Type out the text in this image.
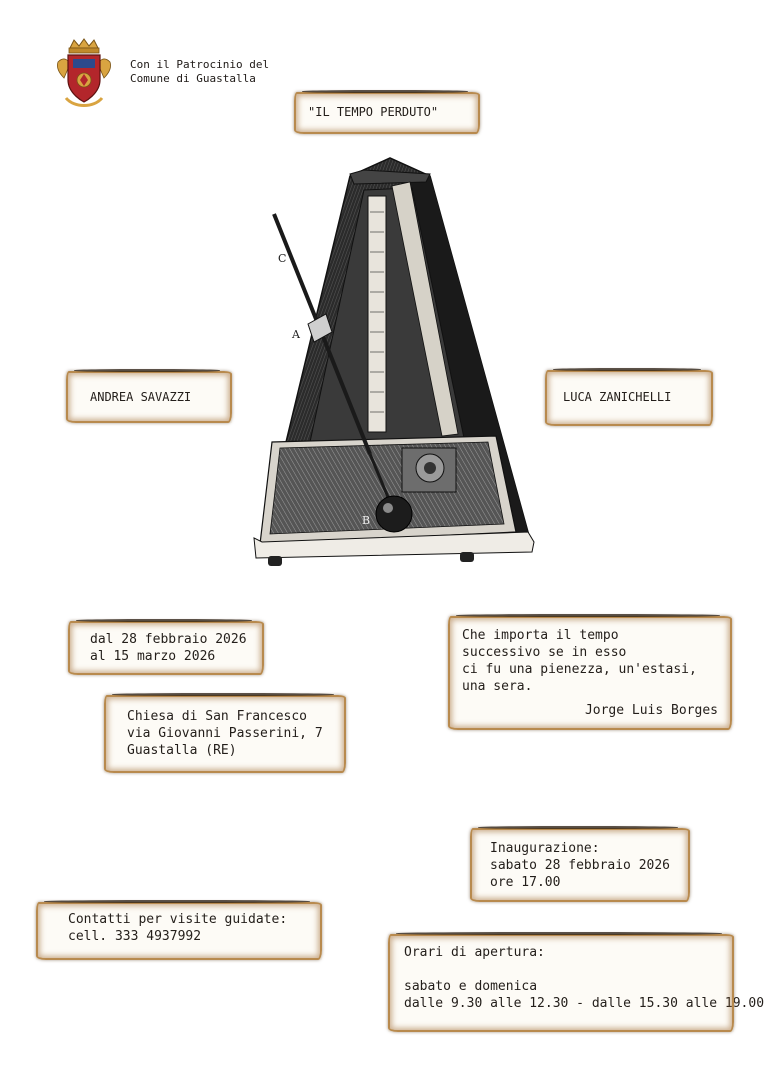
Con il Patrocinio del
Comune di Guastalla
"IL TEMPO PERDUTO"
C
A
B
ANDREA SAVAZZI	LUCA ZANICHELLI
dal 28 febbraio 2026
al 15 marzo 2026
Chiesa di San Francesco
via Giovanni Passerini, 7
Guastalla (RE)
Che importa il tempo
successivo se in esso
ci fu una pienezza, un'estasi,
una sera.
Jorge Luis Borges
Inaugurazione:
sabato 28 febbraio 2026
ore 17.00
Contatti per visite guidate:
cell. 333 4937992
Orari di apertura:

sabato e domenica
dalle 9.30 alle 12.30 - dalle 15.30 alle 19.00
